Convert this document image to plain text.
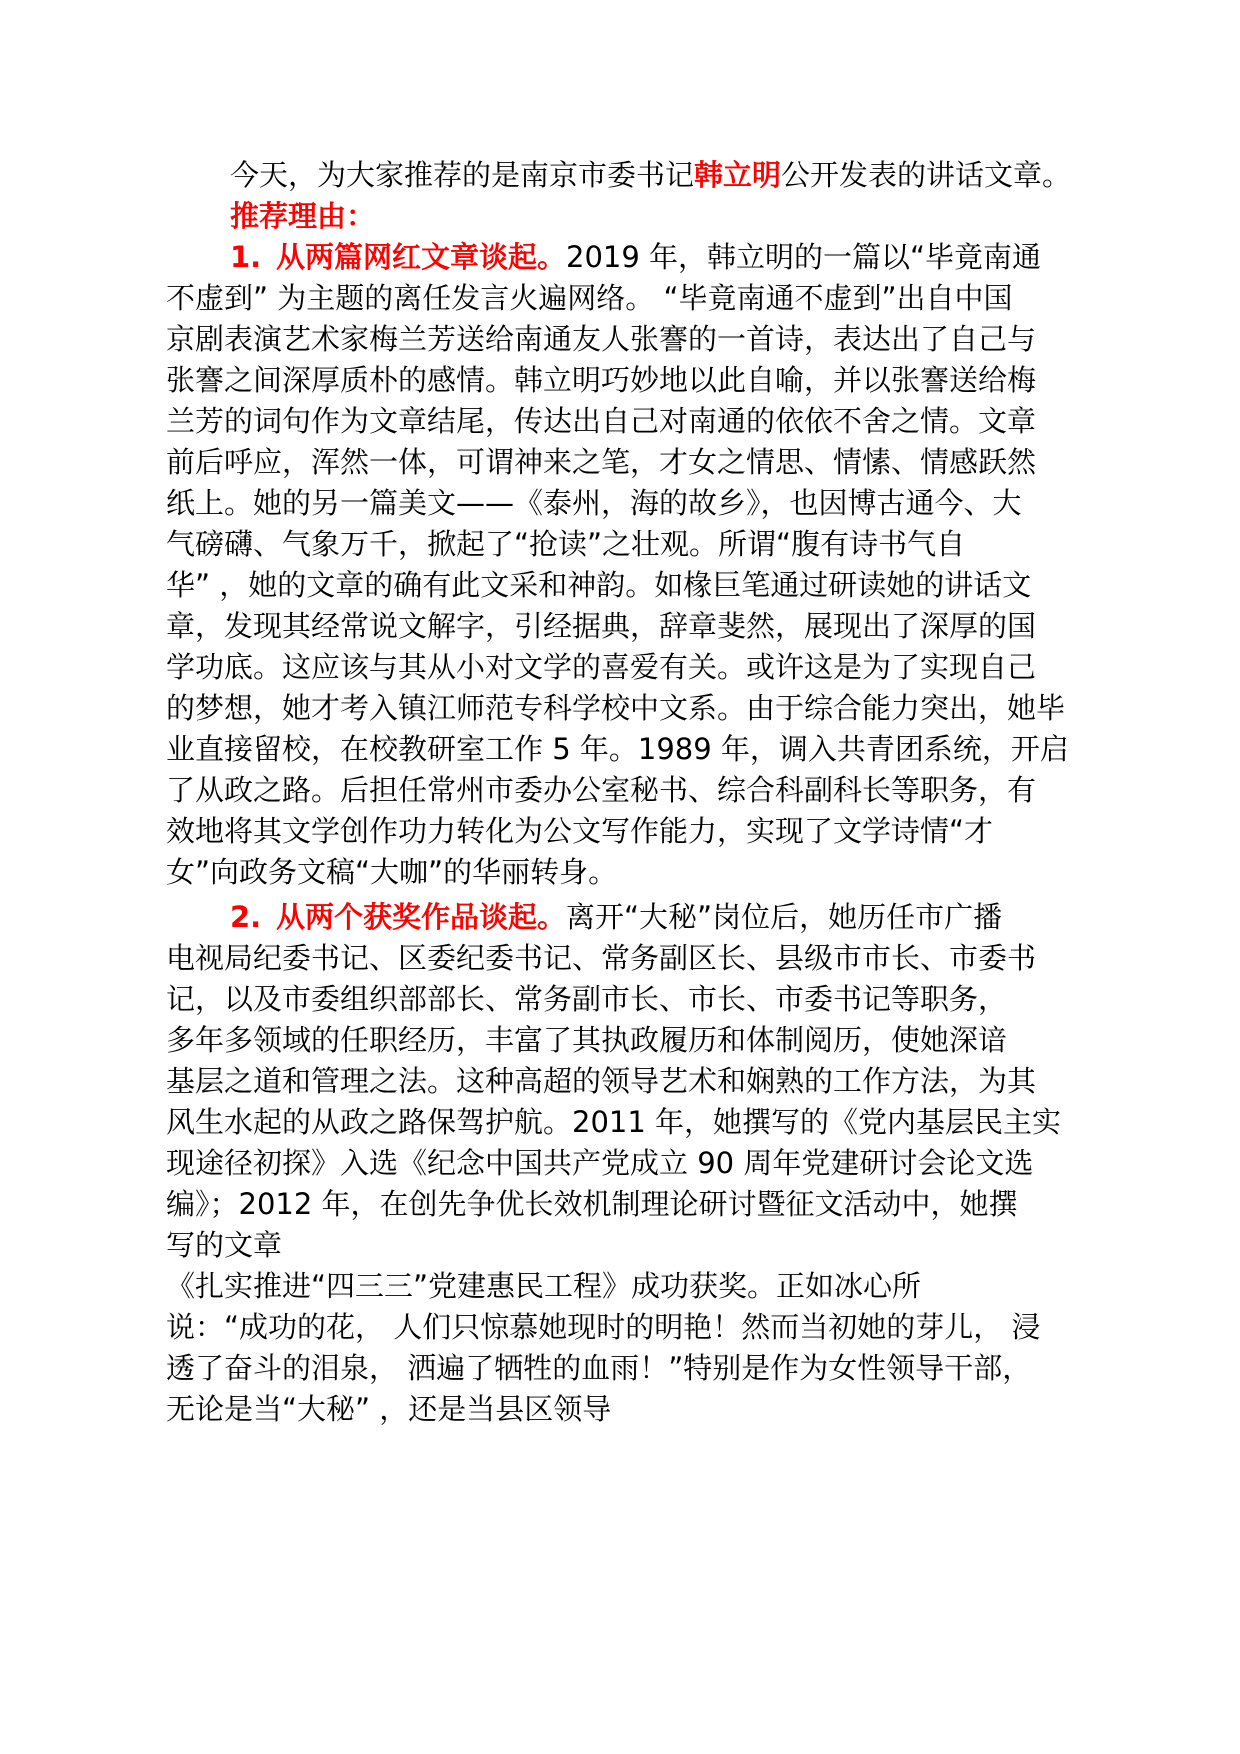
今天，为大家推荐的是南京市委书记韩立明公开发表的讲话文章。

推荐理由：

1. 从两篇网红文章谈起。2019 年，韩立明的一篇以“毕竟南通

不虚到” 为主题的离任发言火遍网络。 “毕竟南通不虚到”出自中国

京剧表演艺术家梅兰芳送给南通友人张謇的一首诗，表达出了自己与

张謇之间深厚质朴的感情。韩立明巧妙地以此自喻，并以张謇送给梅

兰芳的词句作为文章结尾，传达出自己对南通的依依不舍之情。文章

前后呼应，浑然一体，可谓神来之笔，才女之情思、情愫、情感跃然

纸上。她的另一篇美文——《泰州，海的故乡》，也因博古通今、大

气磅礴、气象万千，掀起了“抢读”之壮观。所谓“腹有诗书气自

华” ，她的文章的确有此文采和神韵。如椽巨笔通过研读她的讲话文

章，发现其经常说文解字，引经据典，辞章斐然，展现出了深厚的国

学功底。这应该与其从小对文学的喜爱有关。或许这是为了实现自己

的梦想，她才考入镇江师范专科学校中文系。由于综合能力突出，她毕

业直接留校，在校教研室工作 5 年。1989 年，调入共青团系统，开启

了从政之路。后担任常州市委办公室秘书、综合科副科长等职务，有

效地将其文学创作功力转化为公文写作能力，实现了文学诗情“才

女”向政务文稿“大咖”的华丽转身。

2. 从两个获奖作品谈起。离开“大秘”岗位后，她历任市广播

电视局纪委书记、区委纪委书记、常务副区长、县级市市长、市委书

记，以及市委组织部部长、常务副市长、市长、市委书记等职务，

多年多领域的任职经历，丰富了其执政履历和体制阅历，使她深谙

基层之道和管理之法。这种高超的领导艺术和娴熟的工作方法，为其

风生水起的从政之路保驾护航。2011 年，她撰写的《党内基层民主实

现途径初探》入选《纪念中国共产党成立 90 周年党建研讨会论文选

编》；2012 年，在创先争优长效机制理论研讨暨征文活动中，她撰

写的文章

《扎实推进“四三三”党建惠民工程》成功获奖。正如冰心所

说：“成功的花， 人们只惊慕她现时的明艳！然而当初她的芽儿， 浸

透了奋斗的泪泉， 洒遍了牺牲的血雨！”特别是作为女性领导干部，

无论是当“大秘” ，还是当县区领导
